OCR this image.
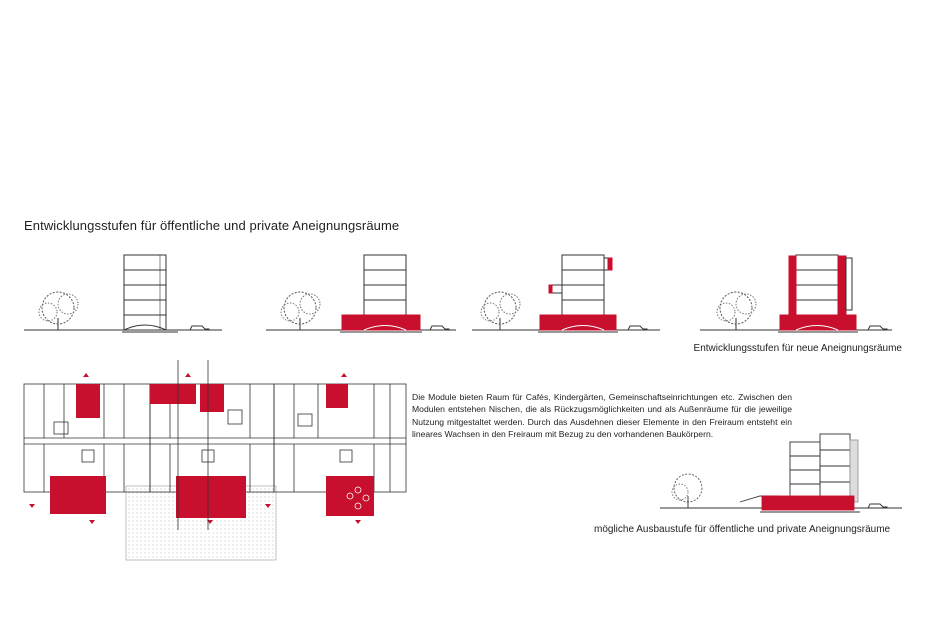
Entwicklungsstufen für öffentliche und private Aneignungsräume
Entwicklungsstufen für neue Aneignungsräume
Die Module bieten Raum für Cafés, Kindergärten, Gemeinschaftseinrichtungen etc. Zwischen den Modulen entstehen Nischen, die als Rückzugsmöglichkeiten und als Außenräume für die jeweilige Nutzung mitgestaltet werden. Durch das Ausdehnen dieser Elemente in den Freiraum entsteht ein lineares Wachsen in den Freiraum mit Bezug zu den vorhandenen Baukörpern.
mögliche Ausbaustufe für öffentliche und private Aneignungsräume
